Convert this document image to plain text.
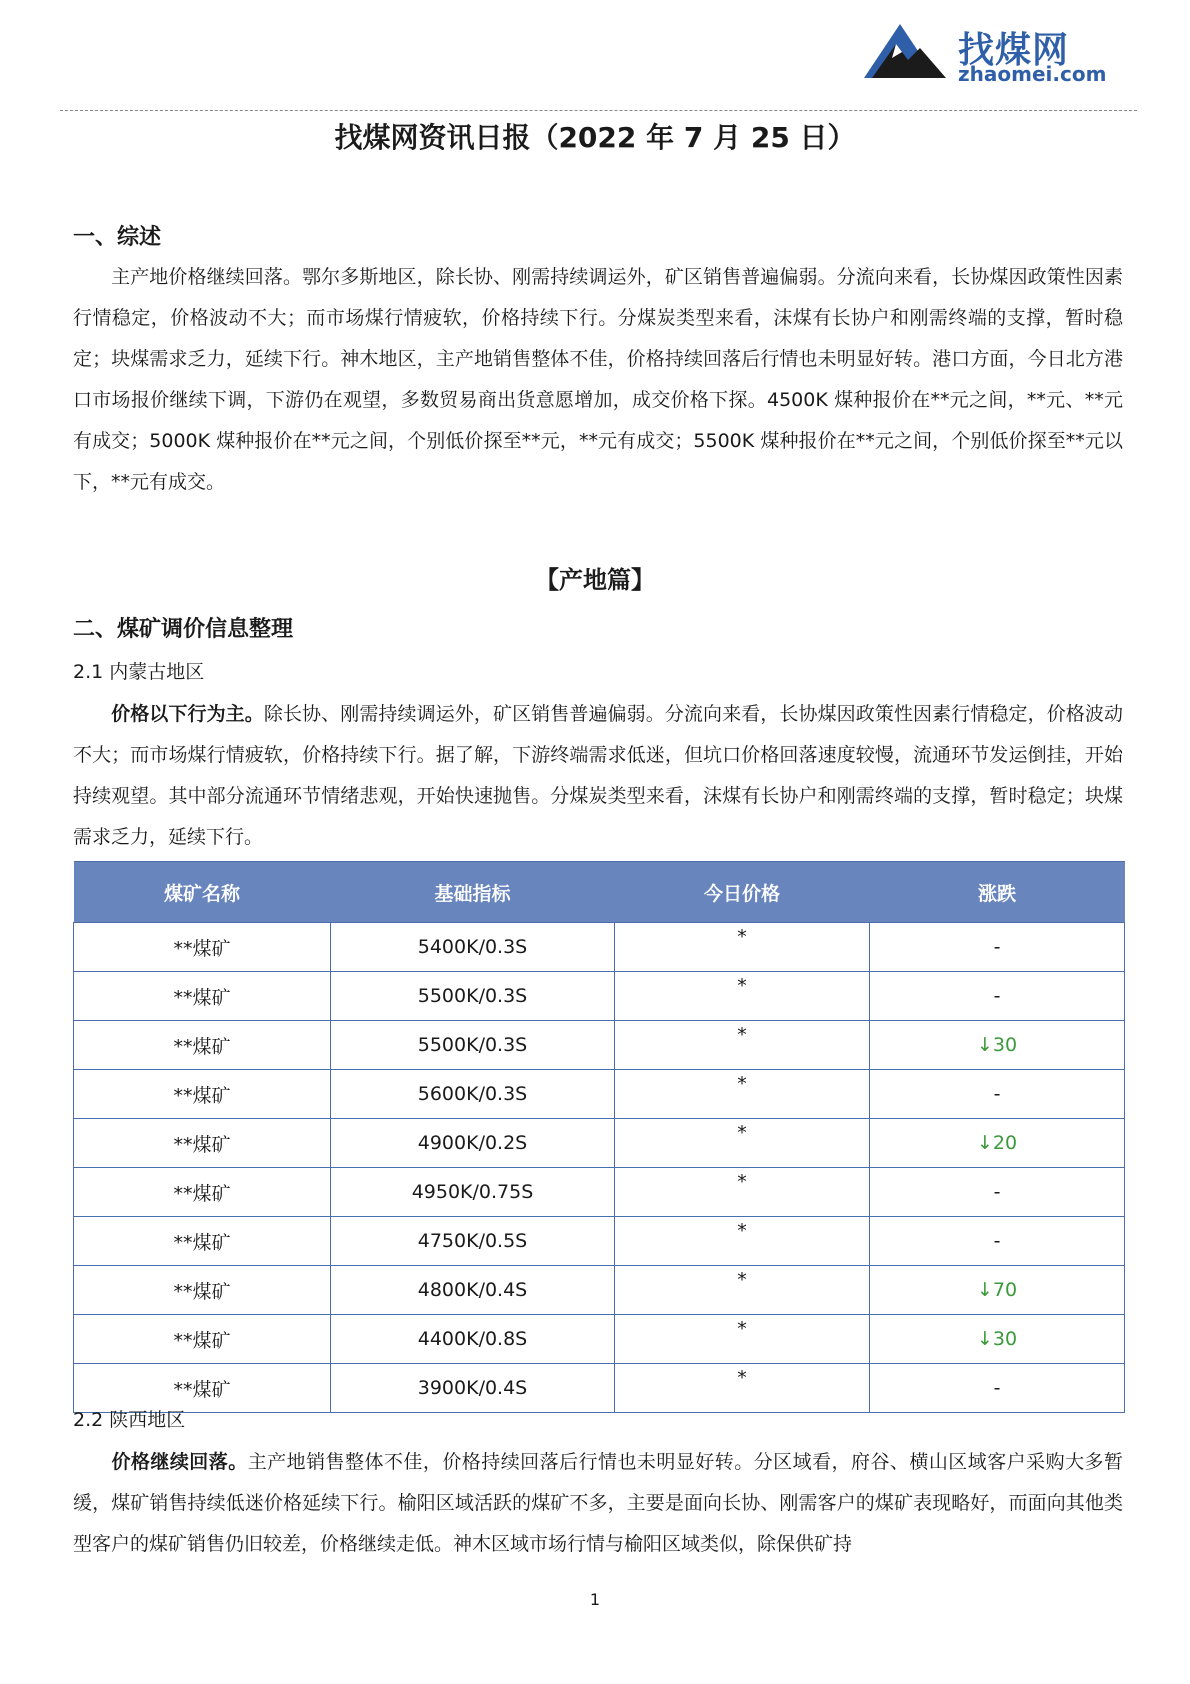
找煤网
zhaomei.com
找煤网资讯日报（2022 年 7 月 25 日）
一、综述
主产地价格继续回落。鄂尔多斯地区，除长协、刚需持续调运外，矿区销售普遍偏弱。分流向来看，长协煤因政策性因素行情稳定，价格波动不大；而市场煤行情疲软，价格持续下行。分煤炭类型来看，沫煤有长协户和刚需终端的支撑，暂时稳定；块煤需求乏力，延续下行。神木地区，主产地销售整体不佳，价格持续回落后行情也未明显好转。港口方面，今日北方港口市场报价继续下调，下游仍在观望，多数贸易商出货意愿增加，成交价格下探。4500K 煤种报价在**元之间，**元、**元有成交；5000K 煤种报价在**元之间，个别低价探至**元，**元有成交；5500K 煤种报价在**元之间，个别低价探至**元以下，**元有成交。
【产地篇】
二、煤矿调价信息整理
2.1 内蒙古地区
价格以下行为主。除长协、刚需持续调运外，矿区销售普遍偏弱。分流向来看，长协煤因政策性因素行情稳定，价格波动不大；而市场煤行情疲软，价格持续下行。据了解，下游终端需求低迷，但坑口价格回落速度较慢，流通环节发运倒挂，开始持续观望。其中部分流通环节情绪悲观，开始快速抛售。分煤炭类型来看，沫煤有长协户和刚需终端的支撑，暂时稳定；块煤需求乏力，延续下行。
煤矿名称	基础指标	今日价格	涨跌
**煤矿	5400K/0.3S	*	-
**煤矿	5500K/0.3S	*	-
**煤矿	5500K/0.3S	*	↓30
**煤矿	5600K/0.3S	*	-
**煤矿	4900K/0.2S	*	↓20
**煤矿	4950K/0.75S	*	-
**煤矿	4750K/0.5S	*	-
**煤矿	4800K/0.4S	*	↓70
**煤矿	4400K/0.8S	*	↓30
**煤矿	3900K/0.4S	*	-
2.2 陕西地区
价格继续回落。主产地销售整体不佳，价格持续回落后行情也未明显好转。分区域看，府谷、横山区域客户采购大多暂缓，煤矿销售持续低迷价格延续下行。榆阳区域活跃的煤矿不多，主要是面向长协、刚需客户的煤矿表现略好，而面向其他类型客户的煤矿销售仍旧较差，价格继续走低。神木区域市场行情与榆阳区域类似，除保供矿持
1
